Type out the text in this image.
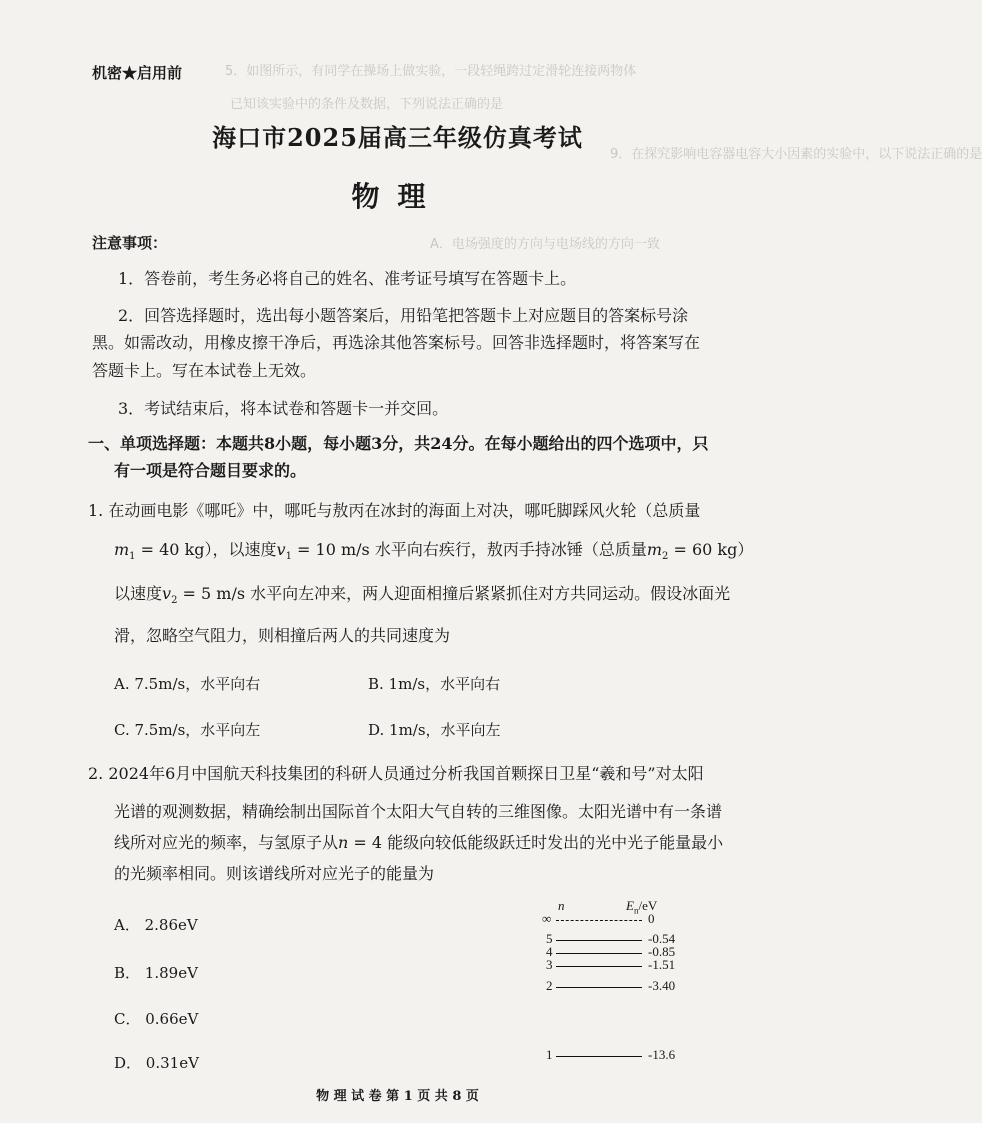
5．如图所示，有同学在操场上做实验，一段轻绳跨过定滑轮连接两物体
已知该实验中的条件及数据，下列说法正确的是
9．在探究影响电容器电容大小因素的实验中，以下说法正确的是
A．电场强度的方向与电场线的方向一致
机密★启用前
海口市2025届高三年级仿真考试
物理
注意事项：
1．答卷前，考生务必将自己的姓名、准考证号填写在答题卡上。
2．回答选择题时，选出每小题答案后，用铅笔把答题卡上对应题目的答案标号涂
黑。如需改动，用橡皮擦干净后，再选涂其他答案标号。回答非选择题时，将答案写在
答题卡上。写在本试卷上无效。
3．考试结束后，将本试卷和答题卡一并交回。
一、单项选择题：本题共8小题，每小题3分，共24分。在每小题给出的四个选项中，只
有一项是符合题目要求的。
1. 在动画电影《哪吒》中，哪吒与敖丙在冰封的海面上对决，哪吒脚踩风火轮（总质量
$m_1 = 40$ kg），以速度$v_1 = 10$ m/s 水平向右疾行，敖丙手持冰锤（总质量$m_2 = 60$ kg）
以速度$v_2 = 5$ m/s 水平向左冲来，两人迎面相撞后紧紧抓住对方共同运动。假设冰面光
滑，忽略空气阻力，则相撞后两人的共同速度为
A. 7.5m/s，水平向右	B. 1m/s，水平向右
C. 7.5m/s，水平向左	D. 1m/s，水平向左
2. 2024年6月中国航天科技集团的科研人员通过分析我国首颗探日卫星“羲和号”对太阳
光谱的观测数据，精确绘制出国际首个太阳大气自转的三维图像。太阳光谱中有一条谱
线所对应光的频率，与氢原子从n = 4 能级向较低能级跃迁时发出的光中光子能量最小
的光频率相同。则该谱线所对应光子的能量为
A． 2.86eV
B． 1.89eV
C． 0.66eV
D． 0.31eV
n	$E_n/eV$
∞	0
5	-0.54
4	-0.85
3	-1.51
2	-3.40
1	-13.6
物 理 试 卷 第 1 页 共 8 页
